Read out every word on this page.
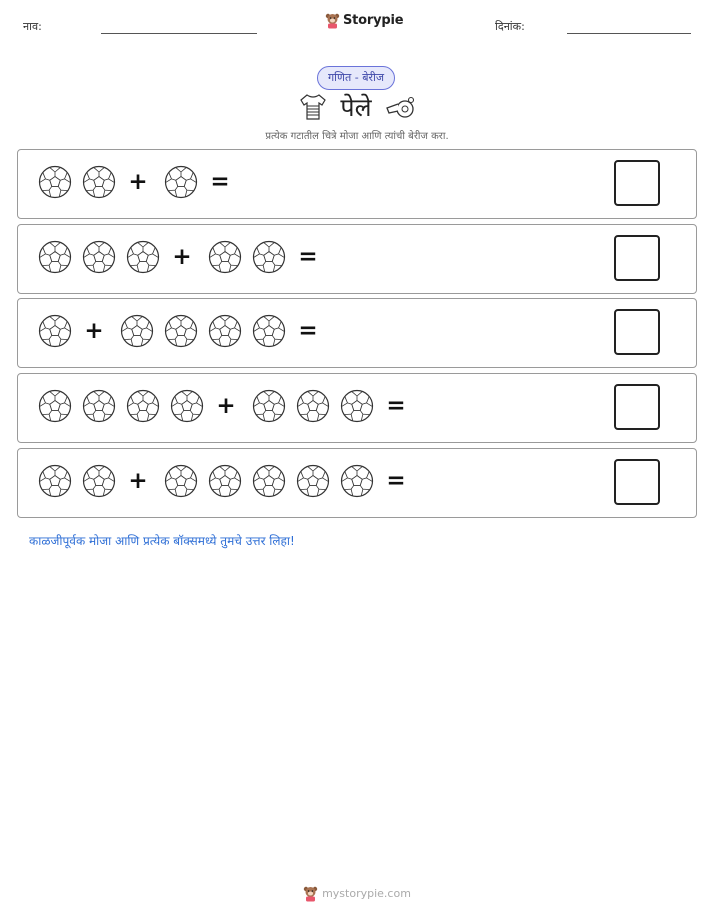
नाव:	Storypie	दिनांक:
गणित - बेरीज
पेले
प्रत्येक गटातील चित्रे मोजा आणि त्यांची बेरीज करा.
+	=
+	=
+	=
+	=
+	=
काळजीपूर्वक मोजा आणि प्रत्येक बॉक्समध्ये तुमचे उत्तर लिहा!
mystorypie.com
